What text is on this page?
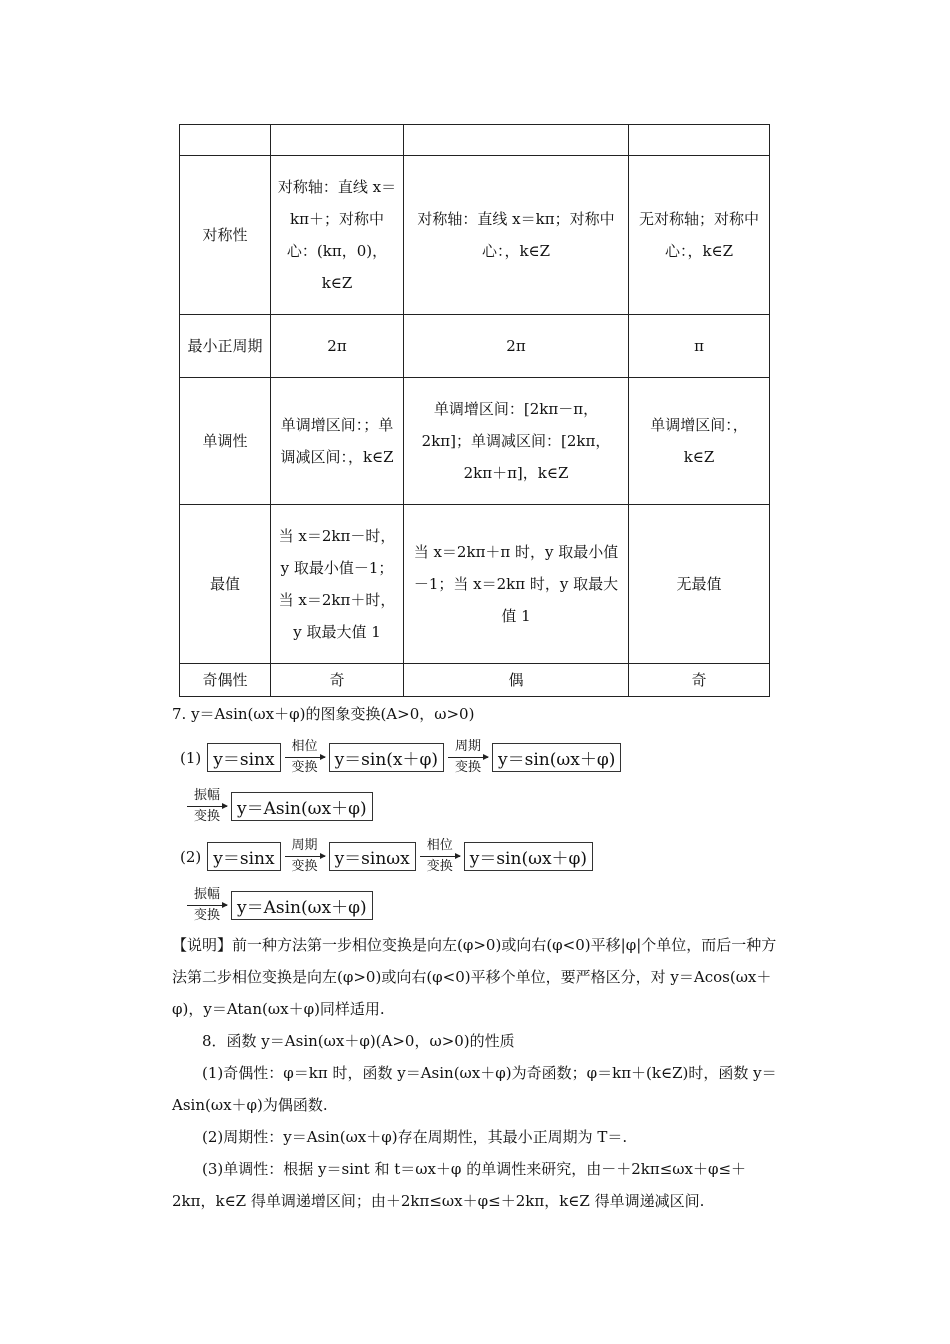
对称性	对称轴：直线 x＝kπ＋；对称中心：(kπ，0)，k∈Z	对称轴：直线 x＝kπ；对称中心：，k∈Z	无对称轴；对称中心：，k∈Z
最小正周期	2π	2π	π
单调性	单调增区间：；单调减区间：，k∈Z	单调增区间：[2kπ－π，2kπ]；单调减区间：[2kπ，2kπ＋π]，k∈Z	单调增区间：，k∈Z
最值	当 x＝2kπ－时，y 取最小值－1；当 x＝2kπ＋时，y 取最大值 1	当 x＝2kπ＋π 时，y 取最小值－1；当 x＝2kπ 时，y 取最大值 1	无最值
奇偶性	奇	偶	奇
7. y＝Asin(ωx＋φ)的图象变换(A>0，ω>0)
(1) y＝sinx
相位
变换	y＝sin(x＋φ)
周期
变换	y＝sin(ωx＋φ)
振幅
变换	y＝Asin(ωx＋φ)
(2) y＝sinx
周期
变换	y＝sinωx
相位
变换	y＝sin(ωx＋φ)
振幅
变换	y＝Asin(ωx＋φ)
【说明】前一种方法第一步相位变换是向左(φ>0)或向右(φ<0)平移|φ|个单位，而后一种方法第二步相位变换是向左(φ>0)或向右(φ<0)平移个单位，要严格区分，对 y＝Acos(ωx＋φ)，y＝Atan(ωx＋φ)同样适用.
8．函数 y＝Asin(ωx＋φ)(A>0，ω>0)的性质
(1)奇偶性：φ＝kπ 时，函数 y＝Asin(ωx＋φ)为奇函数；φ＝kπ＋(k∈Z)时，函数 y＝Asin(ωx＋φ)为偶函数.
(2)周期性：y＝Asin(ωx＋φ)存在周期性，其最小正周期为 T＝.
(3)单调性：根据 y＝sint 和 t＝ωx＋φ 的单调性来研究，由－＋2kπ≤ωx＋φ≤＋2kπ，k∈Z 得单调递增区间；由＋2kπ≤ωx＋φ≤＋2kπ，k∈Z 得单调递减区间.
